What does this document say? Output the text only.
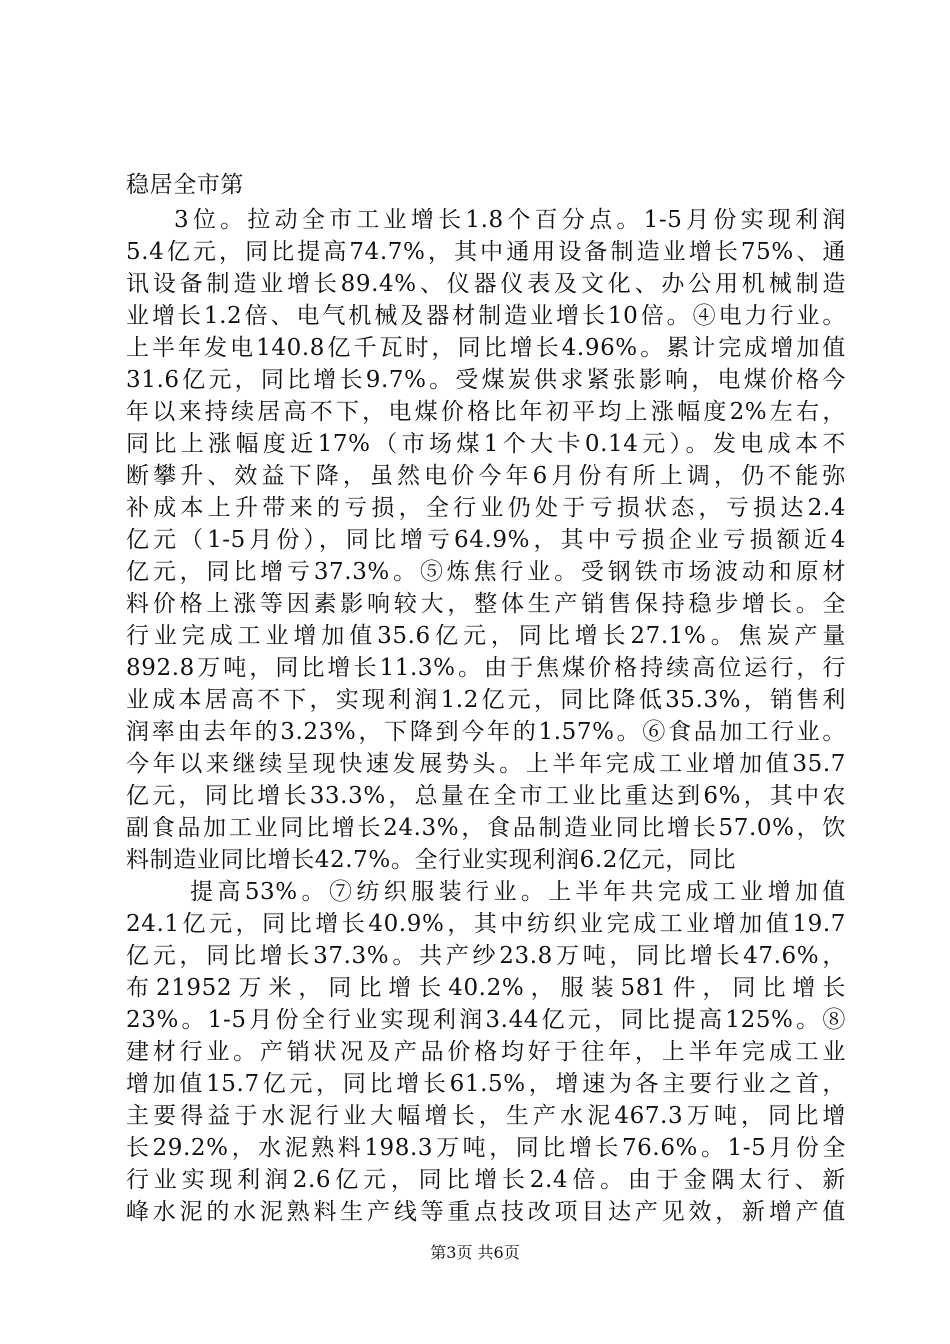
稳居全市第
3位。拉动全市工业增长1.8个百分点。1-5月份实现利润
5.4亿元，同比提高74.7%，其中通用设备制造业增长75%、通
讯设备制造业增长89.4%、仪器仪表及文化、办公用机械制造
业增长1.2倍、电气机械及器材制造业增长10倍。④电力行业。
上半年发电140.8亿千瓦时，同比增长4.96%。累计完成增加值
31.6亿元，同比增长9.7%。受煤炭供求紧张影响，电煤价格今
年以来持续居高不下，电煤价格比年初平均上涨幅度2%左右，
同比上涨幅度近17%（市场煤1个大卡0.14元）。发电成本不
断攀升、效益下降，虽然电价今年6月份有所上调，仍不能弥
补成本上升带来的亏损，全行业仍处于亏损状态，亏损达2.4
亿元（1-5月份），同比增亏64.9%，其中亏损企业亏损额近4
亿元，同比增亏37.3%。⑤炼焦行业。受钢铁市场波动和原材
料价格上涨等因素影响较大，整体生产销售保持稳步增长。全
行业完成工业增加值35.6亿元，同比增长27.1%。焦炭产量
892.8万吨，同比增长11.3%。由于焦煤价格持续高位运行，行
业成本居高不下，实现利润1.2亿元，同比降低35.3%，销售利
润率由去年的3.23%，下降到今年的1.57%。⑥食品加工行业。
今年以来继续呈现快速发展势头。上半年完成工业增加值35.7
亿元，同比增长33.3%，总量在全市工业比重达到6%，其中农
副食品加工业同比增长24.3%，食品制造业同比增长57.0%，饮
料制造业同比增长42.7%。全行业实现利润6.2亿元，同比
提高53%。⑦纺织服装行业。上半年共完成工业增加值
24.1亿元，同比增长40.9%，其中纺织业完成工业增加值19.7
亿元，同比增长37.3%。共产纱23.8万吨，同比增长47.6%，
布21952万米，同比增长40.2%，服装581件，同比增长
23%。1-5月份全行业实现利润3.44亿元，同比提高125%。⑧
建材行业。产销状况及产品价格均好于往年，上半年完成工业
增加值15.7亿元，同比增长61.5%，增速为各主要行业之首，
主要得益于水泥行业大幅增长，生产水泥467.3万吨，同比增
长29.2%，水泥熟料198.3万吨，同比增长76.6%。1-5月份全
行业实现利润2.6亿元，同比增长2.4倍。由于金隅太行、新
峰水泥的水泥熟料生产线等重点技改项目达产见效，新增产值
第3页 共6页
